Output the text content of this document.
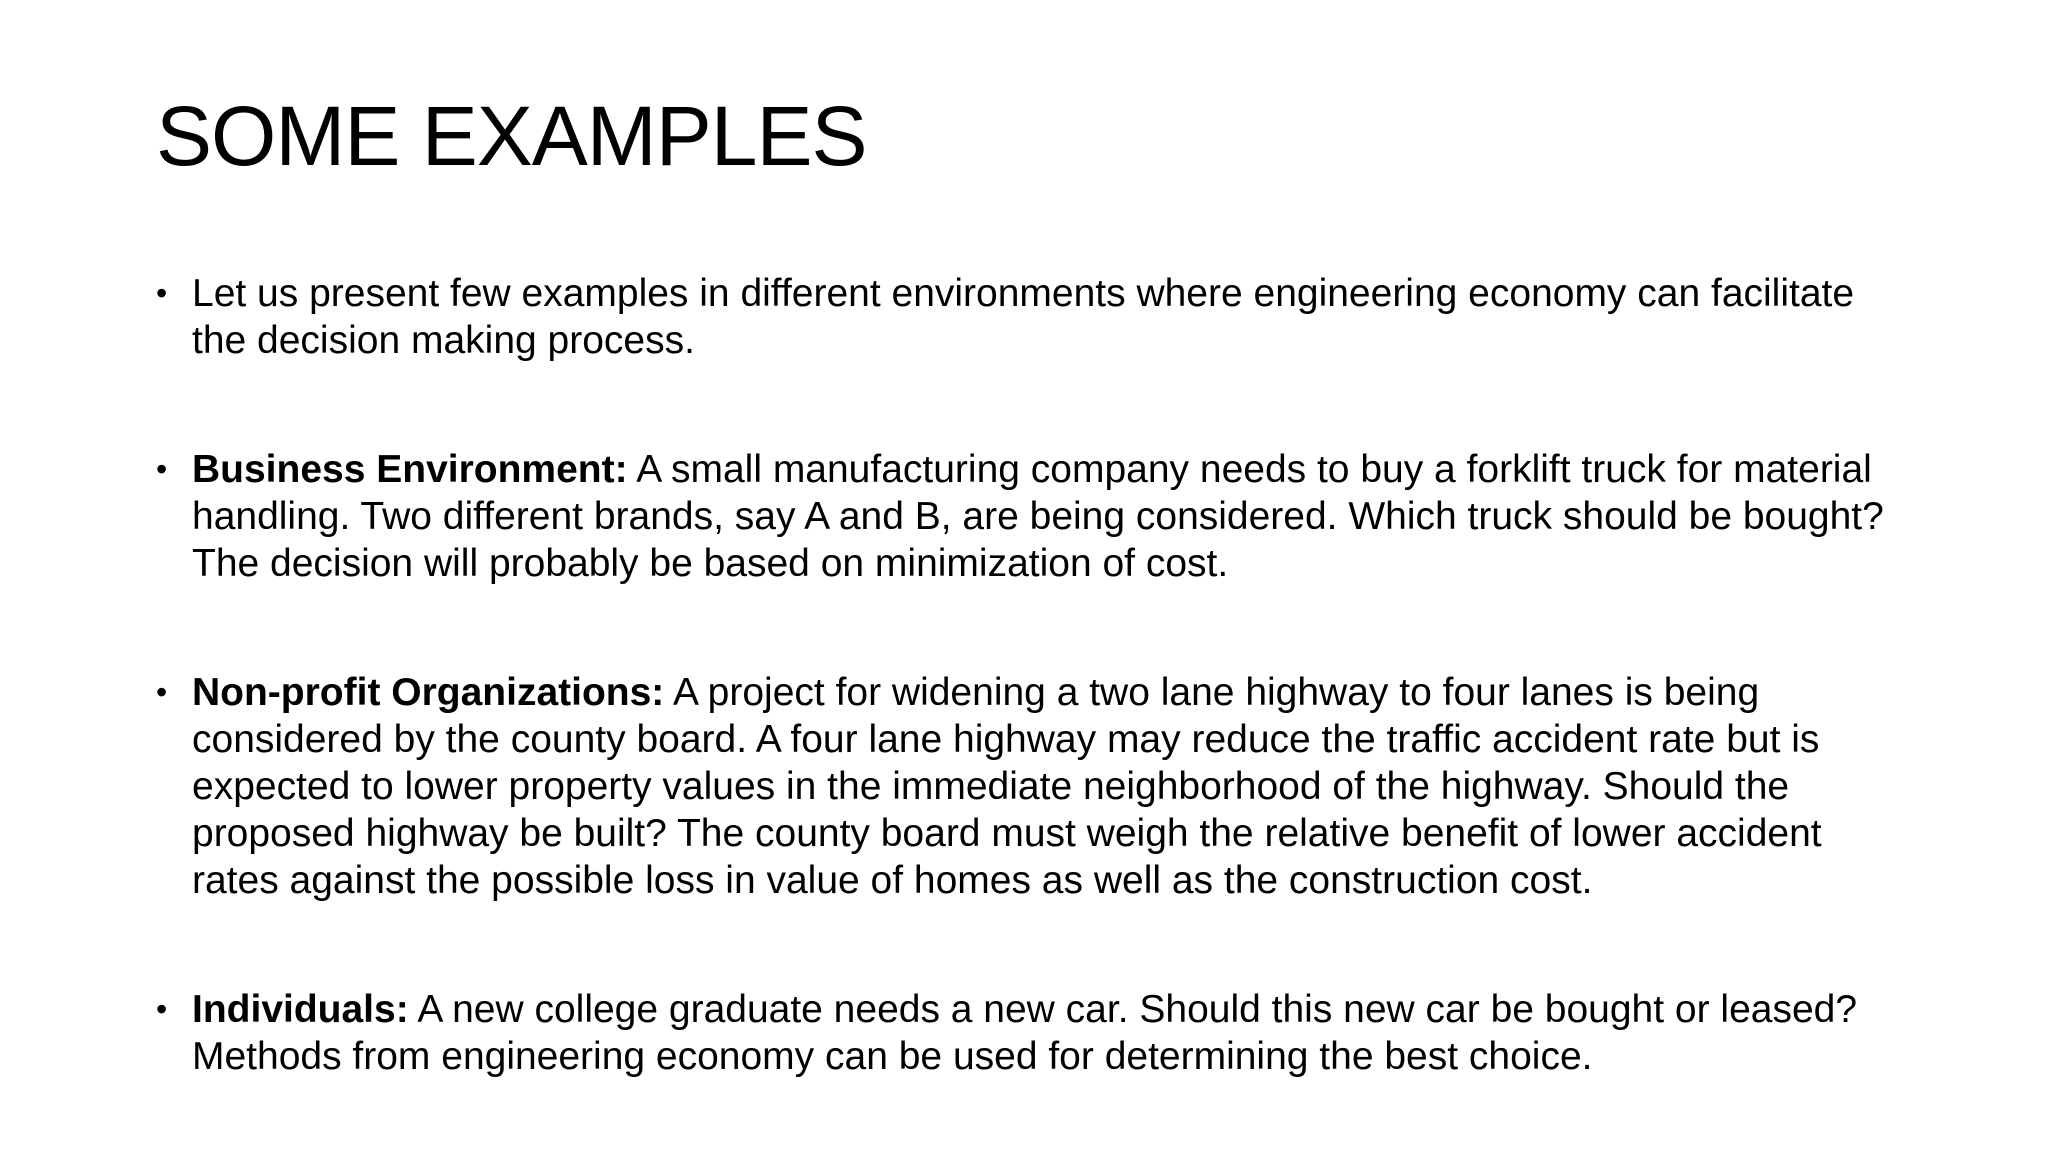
SOME EXAMPLES
• Let us present few examples in different environments where engineering economy can facilitate the decision making process.
• Business Environment: A small manufacturing company needs to buy a forklift truck for material handling. Two different brands, say A and B, are being considered. Which truck should be bought? The decision will probably be based on minimization of cost.
• Non-profit Organizations: A project for widening a two lane highway to four lanes is being considered by the county board. A four lane highway may reduce the traffic accident rate but is expected to lower property values in the immediate neighborhood of the highway. Should the proposed highway be built? The county board must weigh the relative benefit of lower accident rates against the possible loss in value of homes as well as the construction cost.
• Individuals: A new college graduate needs a new car. Should this new car be bought or leased? Methods from engineering economy can be used for determining the best choice.
